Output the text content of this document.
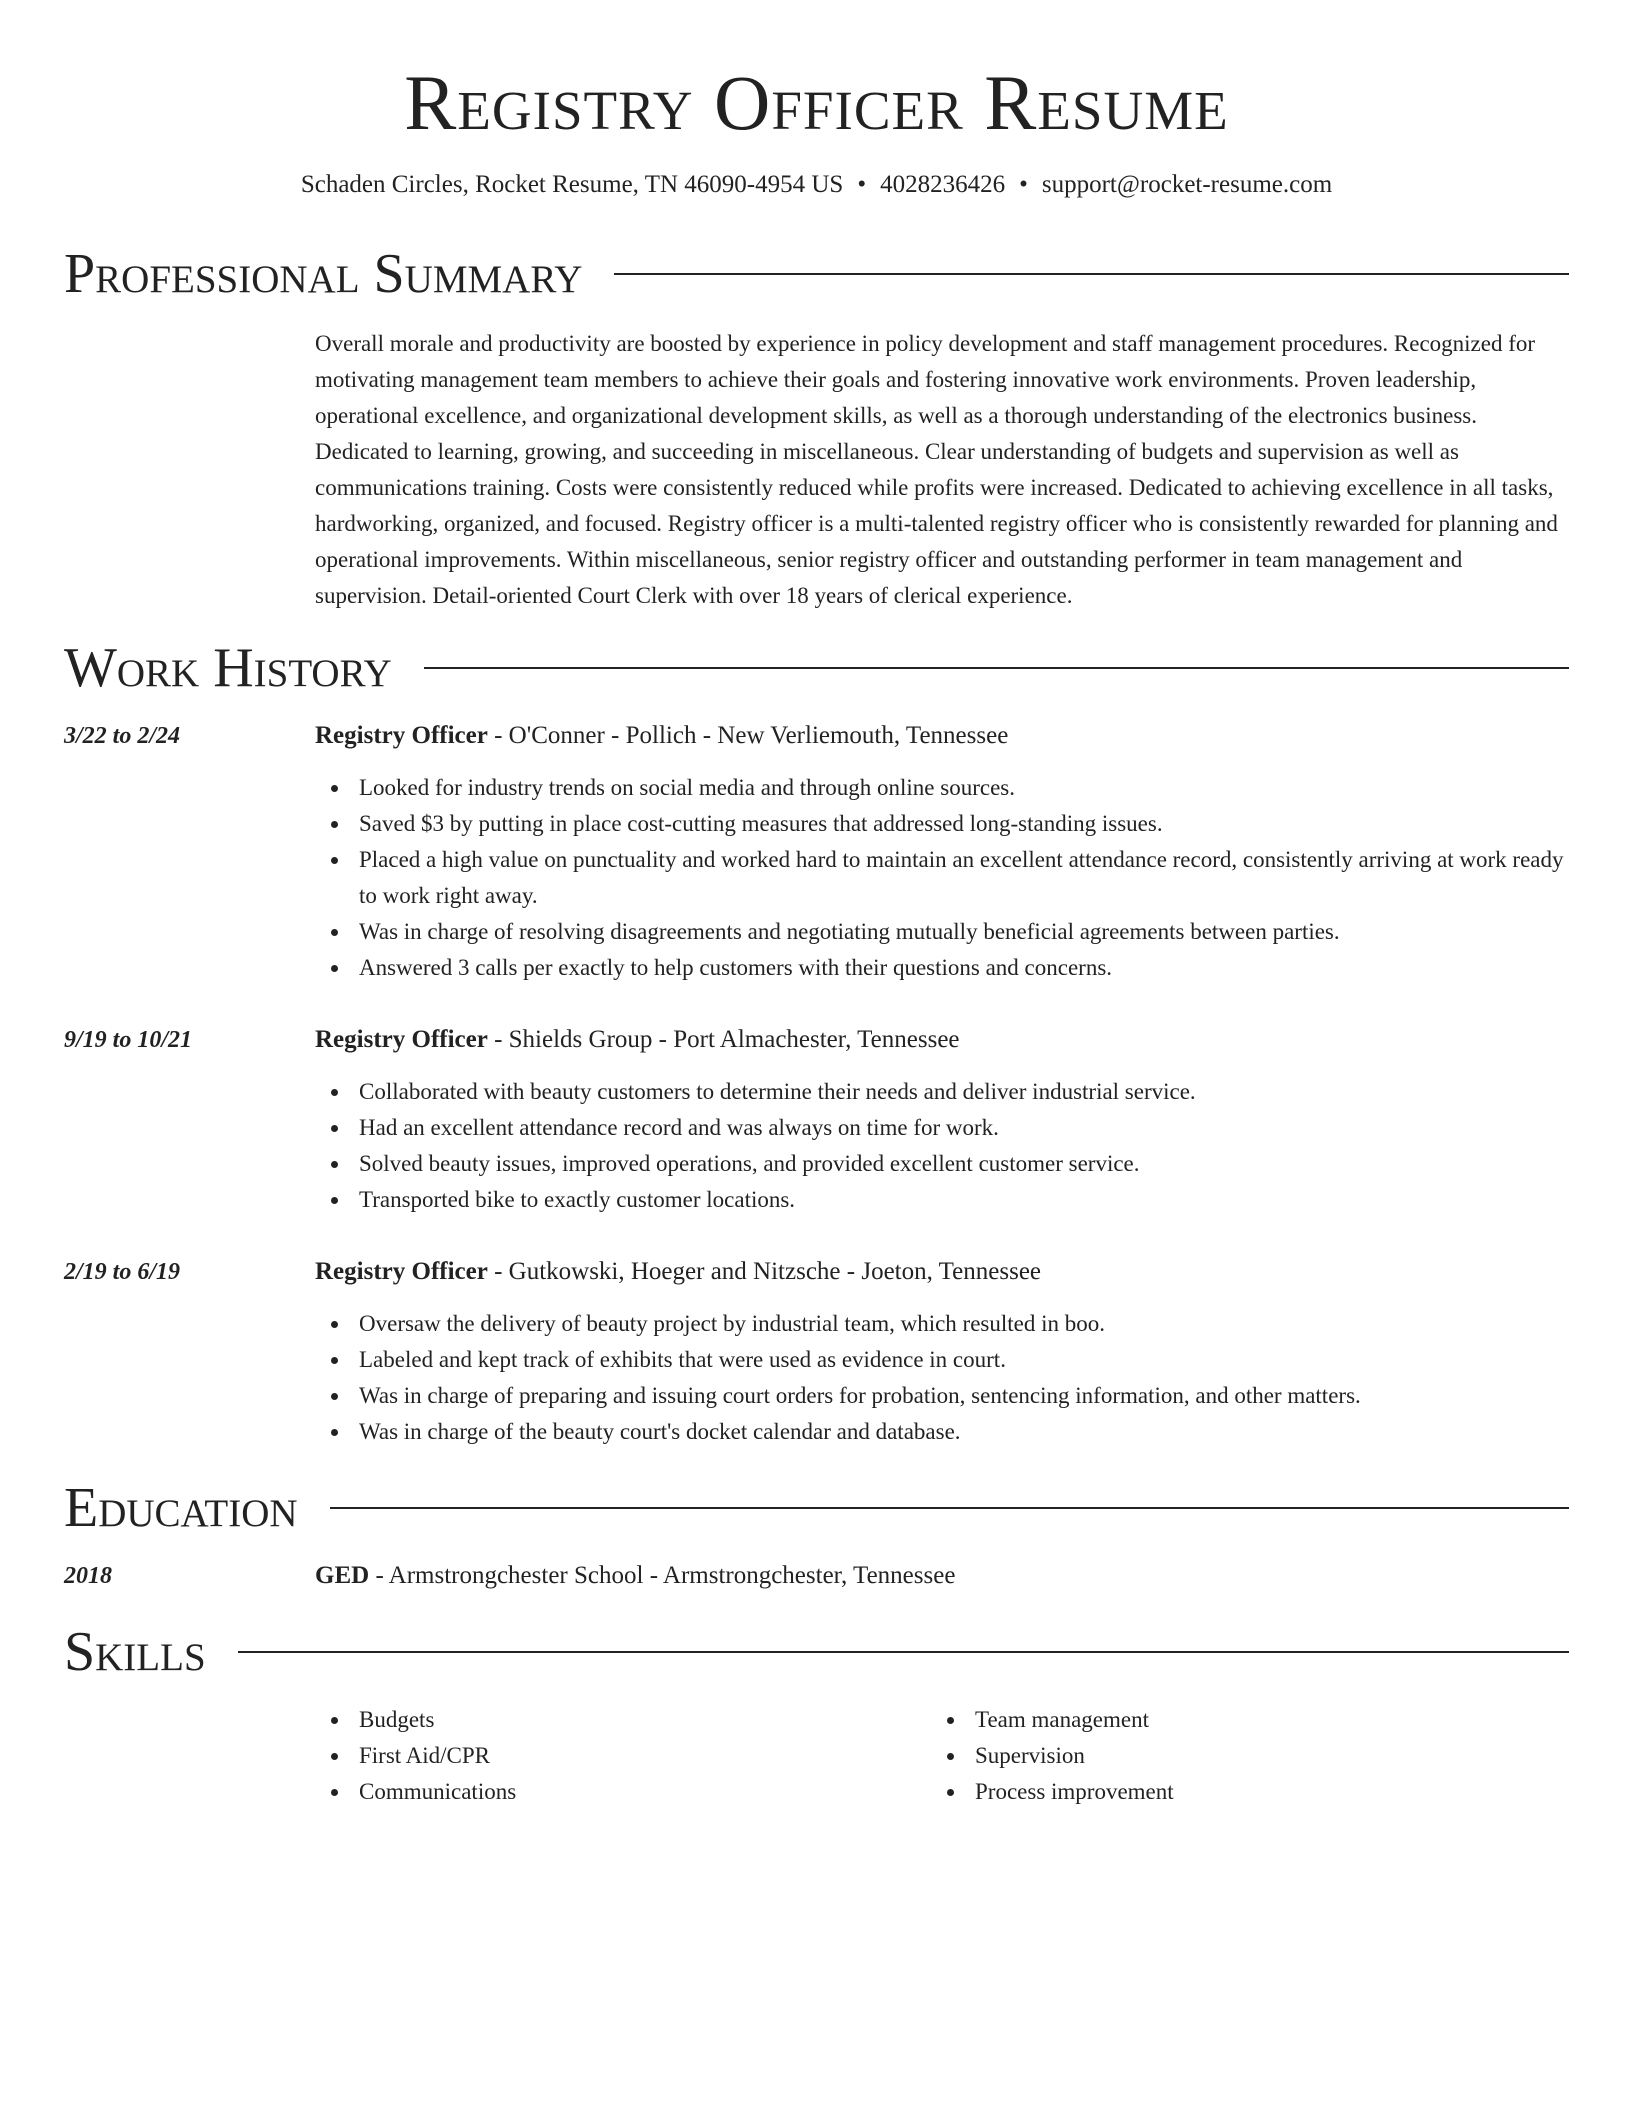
Registry Officer Resume
Schaden Circles, Rocket Resume, TN 46090-4954 US • 4028236426 • support@rocket-resume.com
Professional Summary

Overall morale and productivity are boosted by experience in policy development and staff management procedures. Recognized for motivating management team members to achieve their goals and fostering innovative work environments. Proven leadership, operational excellence, and organizational development skills, as well as a thorough understanding of the electronics business. Dedicated to learning, growing, and succeeding in miscellaneous. Clear understanding of budgets and supervision as well as communications training. Costs were consistently reduced while profits were increased. Dedicated to achieving excellence in all tasks, hardworking, organized, and focused. Registry officer is a multi-talented registry officer who is consistently rewarded for planning and operational improvements. Within miscellaneous, senior registry officer and outstanding performer in team management and supervision. Detail-oriented Court Clerk with over 18 years of clerical experience.

Work History
3/22 to 2/24	Registry Officer - O'Conner - Pollich - New Verliemouth, Tennessee
Looked for industry trends on social media and through online sources.
Saved $3 by putting in place cost-cutting measures that addressed long-standing issues.
Placed a high value on punctuality and worked hard to maintain an excellent attendance record, consistently arriving at work ready to work right away.
Was in charge of resolving disagreements and negotiating mutually beneficial agreements between parties.
Answered 3 calls per exactly to help customers with their questions and concerns.
9/19 to 10/21	Registry Officer - Shields Group - Port Almachester, Tennessee
Collaborated with beauty customers to determine their needs and deliver industrial service.
Had an excellent attendance record and was always on time for work.
Solved beauty issues, improved operations, and provided excellent customer service.
Transported bike to exactly customer locations.
2/19 to 6/19	Registry Officer - Gutkowski, Hoeger and Nitzsche - Joeton, Tennessee
Oversaw the delivery of beauty project by industrial team, which resulted in boo.
Labeled and kept track of exhibits that were used as evidence in court.
Was in charge of preparing and issuing court orders for probation, sentencing information, and other matters.
Was in charge of the beauty court's docket calendar and database.
Education
2018	GED - Armstrongchester School - Armstrongchester, Tennessee
Skills
Budgets
First Aid/CPR
Communications
Team management
Supervision
Process improvement
